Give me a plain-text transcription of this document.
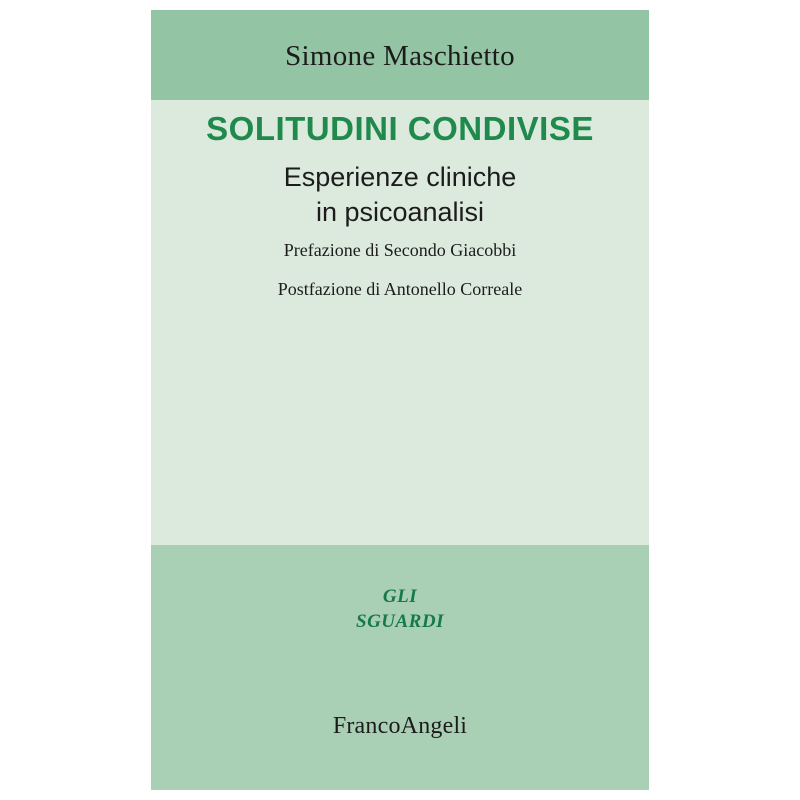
Simone Maschietto
SOLITUDINI CONDIVISE
Esperienze cliniche
in psicoanalisi
Prefazione di Secondo Giacobbi
Postfazione di Antonello Correale
GLI
SGUARDI
FrancoAngeli
